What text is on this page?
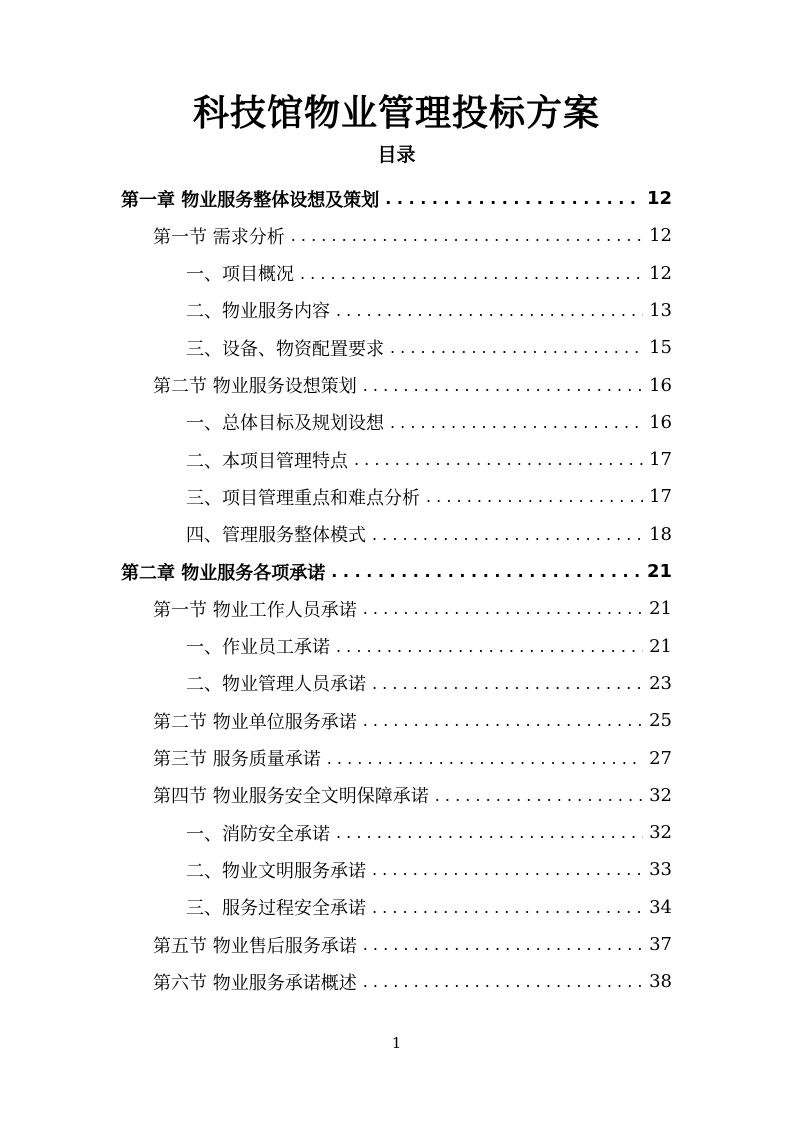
科技馆物业管理投标方案
目录
第一章 物业服务整体设想及策划 . . .	12
第一节 需求分析 . . .	12
一、项目概况 . . .	12
二、物业服务内容 . . .	13
三、设备、物资配置要求 . . .	15
第二节 物业服务设想策划 . . .	16
一、总体目标及规划设想 . . .	16
二、本项目管理特点 . . .	17
三、项目管理重点和难点分析 . . .	17
四、管理服务整体模式 . . .	18
第二章 物业服务各项承诺 . . .	21
第一节 物业工作人员承诺 . . .	21
一、作业员工承诺 . . .	21
二、物业管理人员承诺 . . .	23
第二节 物业单位服务承诺 . . .	25
第三节 服务质量承诺 . . .	27
第四节 物业服务安全文明保障承诺 . . .	32
一、消防安全承诺 . . .	32
二、物业文明服务承诺 . . .	33
三、服务过程安全承诺 . . .	34
第五节 物业售后服务承诺 . . .	37
第六节 物业服务承诺概述 . . .	38
1
